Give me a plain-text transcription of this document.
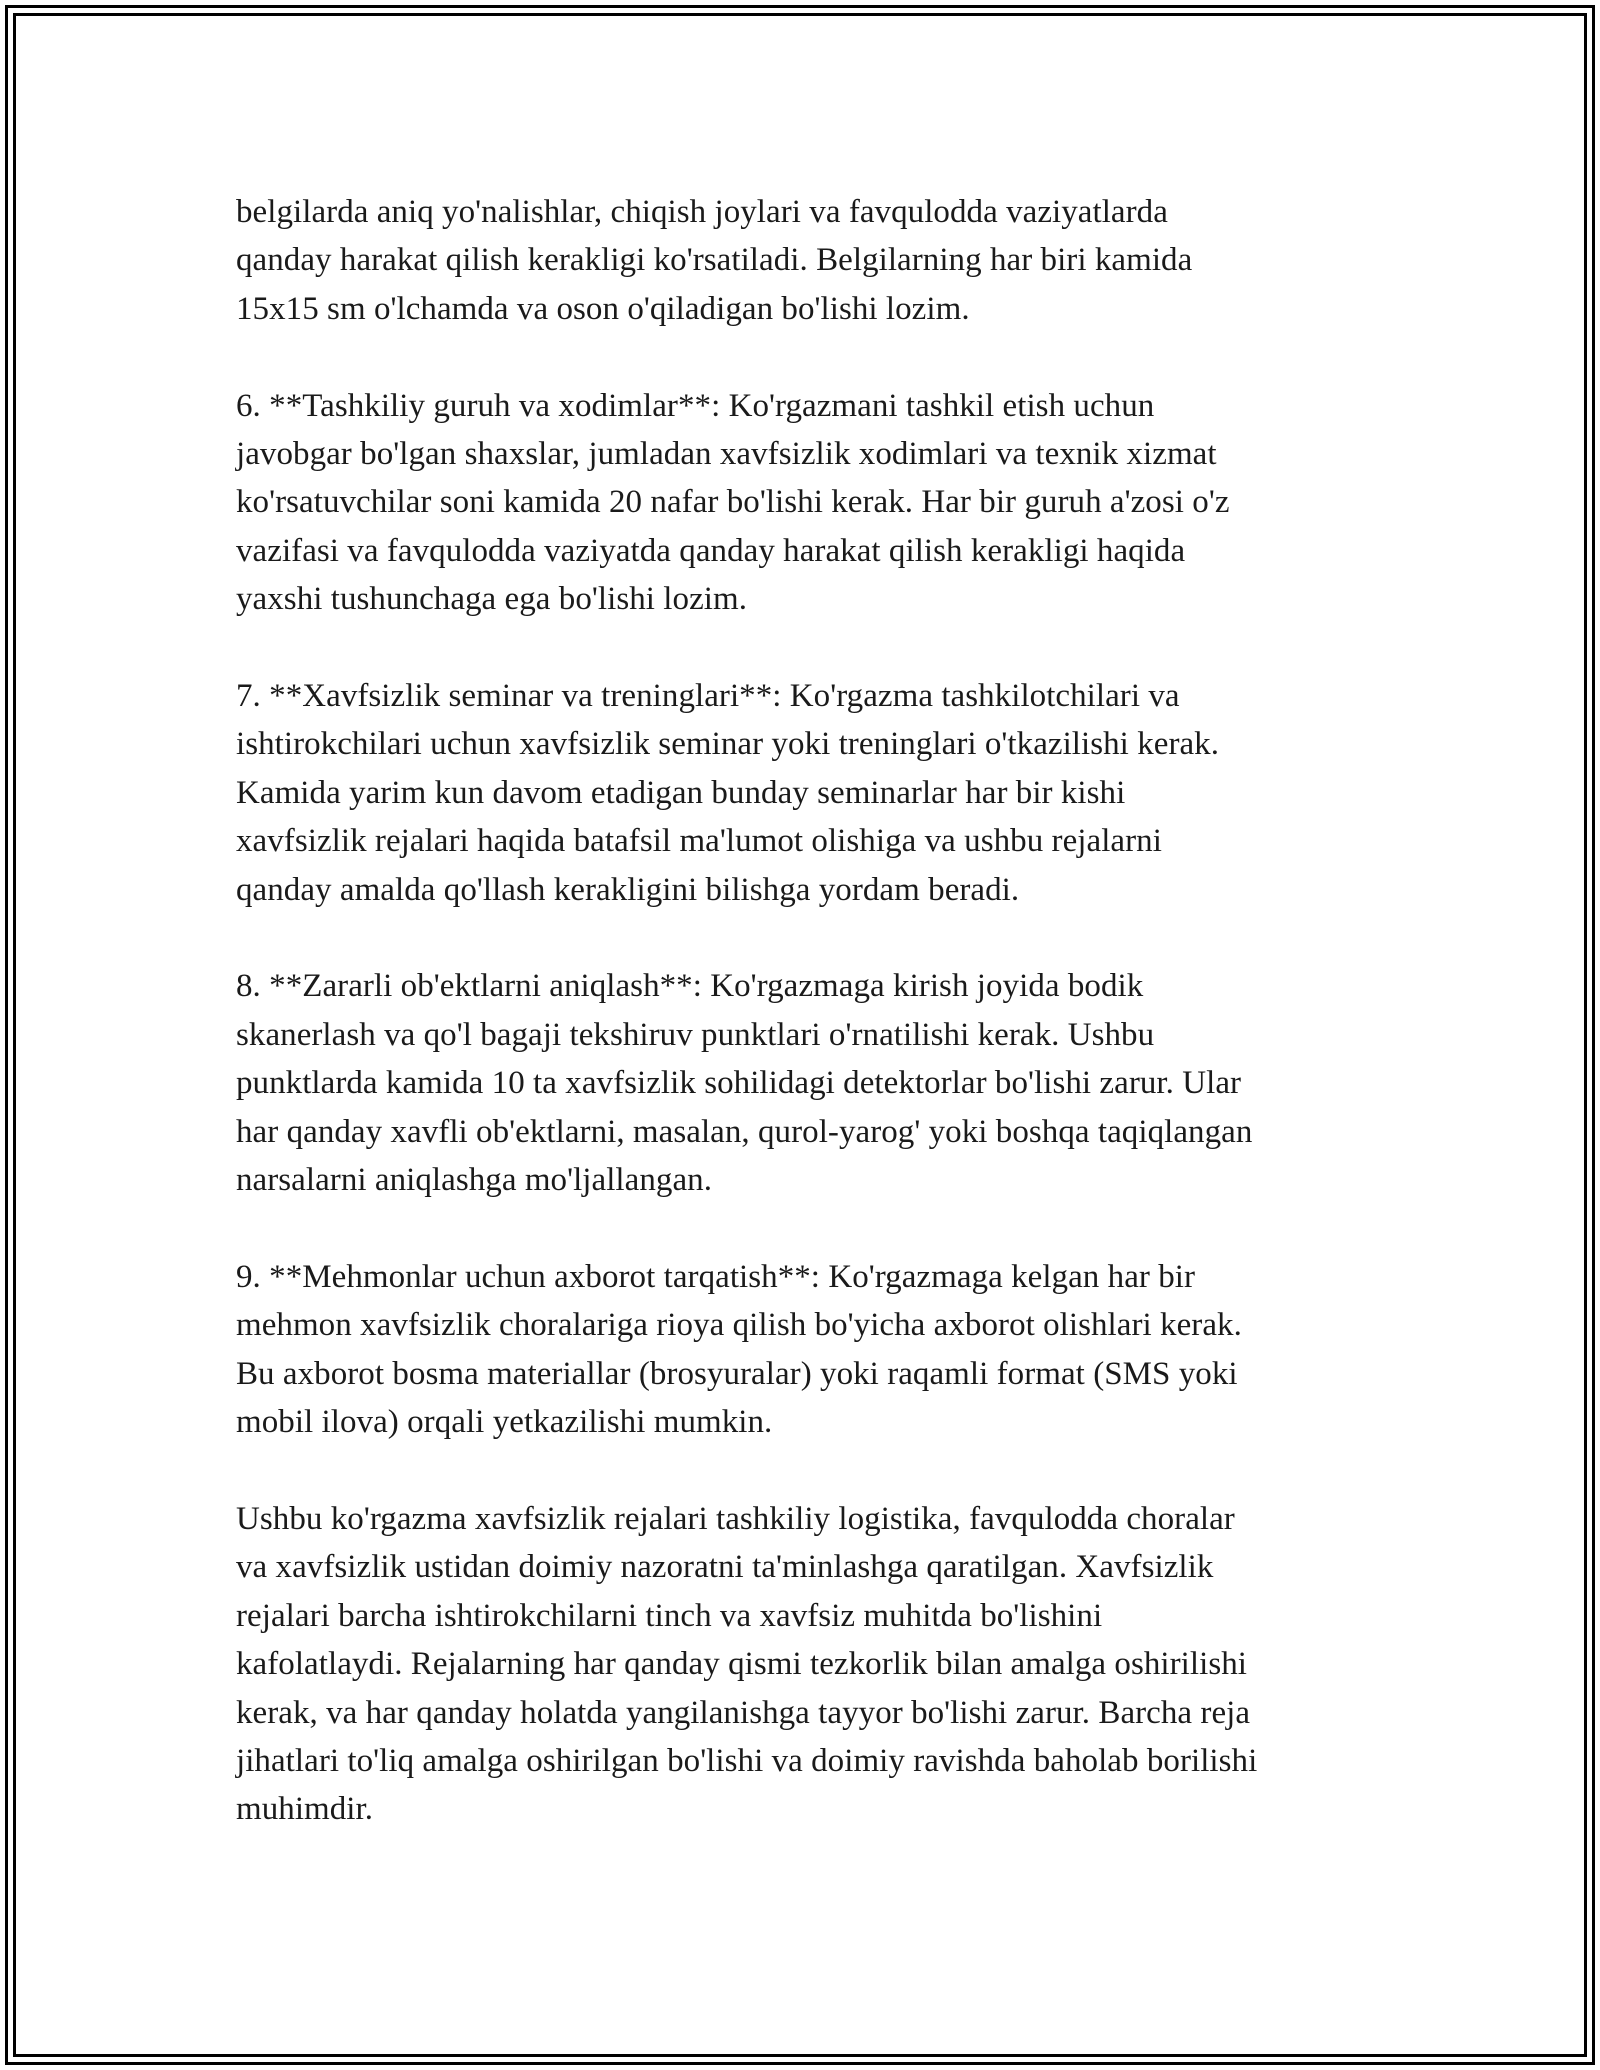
belgilarda aniq yo'nalishlar, chiqish joylari va favqulodda vaziyatlarda
qanday harakat qilish kerakligi ko'rsatiladi. Belgilarning har biri kamida
15x15 sm o'lchamda va oson o'qiladigan bo'lishi lozim.

6. **Tashkiliy guruh va xodimlar**: Ko'rgazmani tashkil etish uchun
javobgar bo'lgan shaxslar, jumladan xavfsizlik xodimlari va texnik xizmat
ko'rsatuvchilar soni kamida 20 nafar bo'lishi kerak. Har bir guruh a'zosi o'z
vazifasi va favqulodda vaziyatda qanday harakat qilish kerakligi haqida
yaxshi tushunchaga ega bo'lishi lozim.

7. **Xavfsizlik seminar va treninglari**: Ko'rgazma tashkilotchilari va
ishtirokchilari uchun xavfsizlik seminar yoki treninglari o'tkazilishi kerak.
Kamida yarim kun davom etadigan bunday seminarlar har bir kishi
xavfsizlik rejalari haqida batafsil ma'lumot olishiga va ushbu rejalarni
qanday amalda qo'llash kerakligini bilishga yordam beradi.

8. **Zararli ob'ektlarni aniqlash**: Ko'rgazmaga kirish joyida bodik
skanerlash va qo'l bagaji tekshiruv punktlari o'rnatilishi kerak. Ushbu
punktlarda kamida 10 ta xavfsizlik sohilidagi detektorlar bo'lishi zarur. Ular
har qanday xavfli ob'ektlarni, masalan, qurol-yarog' yoki boshqa taqiqlangan
narsalarni aniqlashga mo'ljallangan.

9. **Mehmonlar uchun axborot tarqatish**: Ko'rgazmaga kelgan har bir
mehmon xavfsizlik choralariga rioya qilish bo'yicha axborot olishlari kerak.
Bu axborot bosma materiallar (brosyuralar) yoki raqamli format (SMS yoki
mobil ilova) orqali yetkazilishi mumkin.

Ushbu ko'rgazma xavfsizlik rejalari tashkiliy logistika, favqulodda choralar
va xavfsizlik ustidan doimiy nazoratni ta'minlashga qaratilgan. Xavfsizlik
rejalari barcha ishtirokchilarni tinch va xavfsiz muhitda bo'lishini
kafolatlaydi. Rejalarning har qanday qismi tezkorlik bilan amalga oshirilishi
kerak, va har qanday holatda yangilanishga tayyor bo'lishi zarur. Barcha reja
jihatlari to'liq amalga oshirilgan bo'lishi va doimiy ravishda baholab borilishi
muhimdir.
